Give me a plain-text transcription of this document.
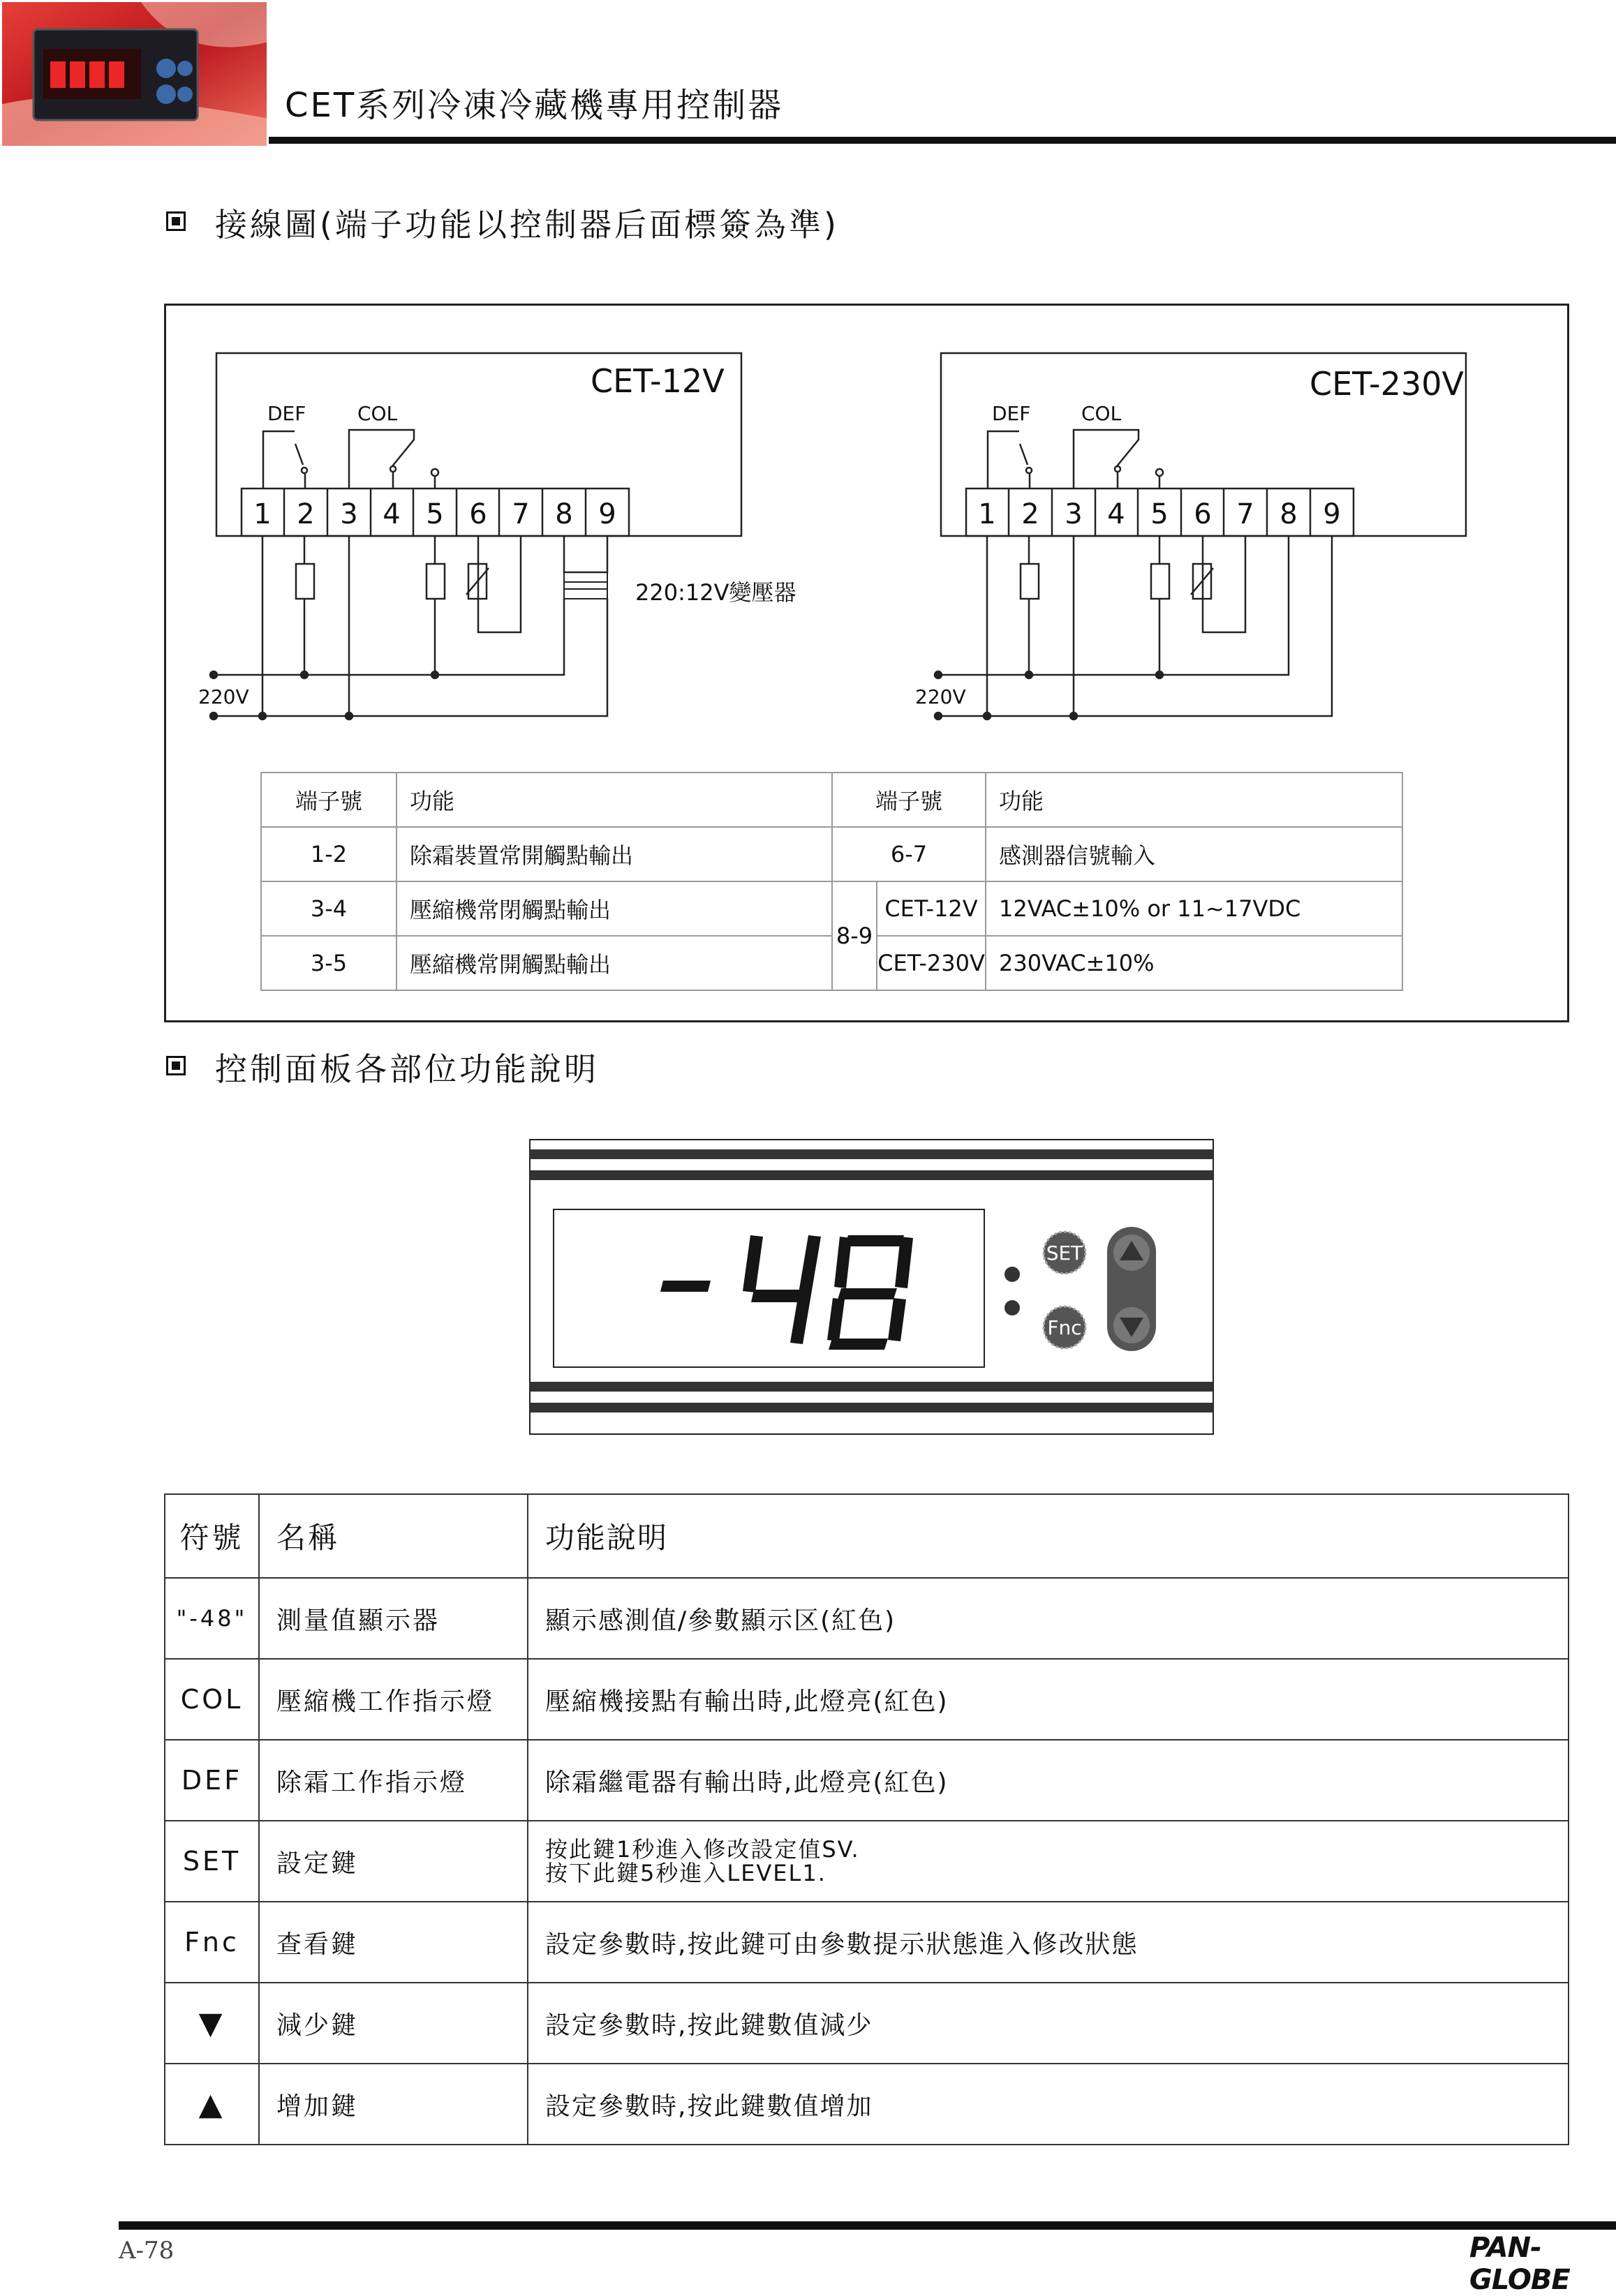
CET系列冷凍冷藏機專用控制器
接線圖(端子功能以控制器后面標簽為準)
CET-12V
DEF	COL
1 2 3 4 5 6 7 8 9
220V
220:12V變壓器
CET-230V
DEF	COL
1 2 3 4 5 6 7 8 9
220V
端子號	功能	端子號		功能
1-2	除霜裝置常開觸點輸出	6-7		感測器信號輸入
3-4	壓縮機常閉觸點輸出	8-9	CET-12V	12VAC±10% or 11~17VDC
3-5	壓縮機常開觸點輸出		CET-230V	230VAC±10%
控制面板各部位功能說明
SET
Fnc
符號	名稱	功能說明
"-48"	測量值顯示器	顯示感測值/參數顯示区(紅色)
COL	壓縮機工作指示燈	壓縮機接點有輸出時,此燈亮(紅色)
DEF	除霜工作指示燈	除霜繼電器有輸出時,此燈亮(紅色)
SET	設定鍵	按此鍵1秒進入修改設定值SV.
按下此鍵5秒進入LEVEL1.

Fnc	查看鍵	設定參數時,按此鍵可由參數提示狀態進入修改狀態
▼	減少鍵	設定參數時,按此鍵數值減少
▲	增加鍵	設定參數時,按此鍵數值增加
A-78	PAN-GLOBE
